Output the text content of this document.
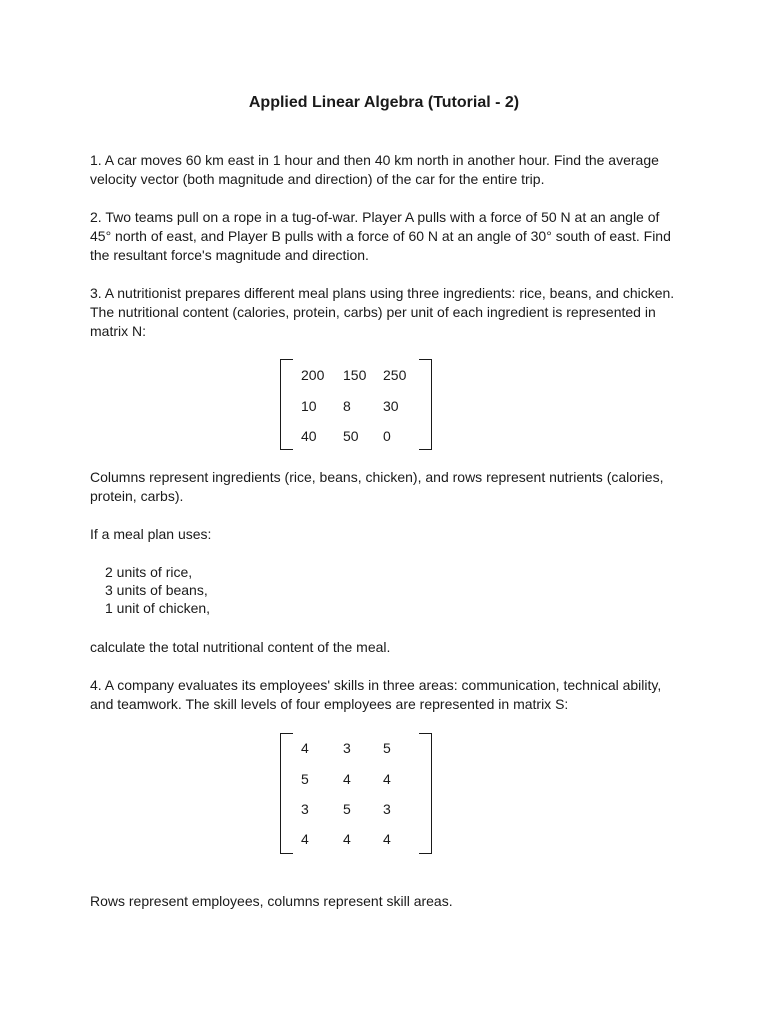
Applied Linear Algebra (Tutorial - 2)

1. A car moves 60 km east in 1 hour and then 40 km north in another hour. Find the average velocity vector (both magnitude and direction) of the car for the entire trip.

2. Two teams pull on a rope in a tug-of-war. Player A pulls with a force of 50 N at an angle of 45° north of east, and Player B pulls with a force of 60 N at an angle of 30° south of east. Find the resultant force's magnitude and direction.

3. A nutritionist prepares different meal plans using three ingredients: rice, beans, and chicken. The nutritional content (calories, protein, carbs) per unit of each ingredient is represented in matrix N:

200 150 250
10 8 30
40 50 0

Columns represent ingredients (rice, beans, chicken), and rows represent nutrients (calories, protein, carbs).

If a meal plan uses:

2 units of rice,
3 units of beans,
1 unit of chicken,

calculate the total nutritional content of the meal.

4. A company evaluates its employees' skills in three areas: communication, technical ability, and teamwork. The skill levels of four employees are represented in matrix S:

4 3 5
5 4 4
3 5 3
4 4 4

Rows represent employees, columns represent skill areas.
